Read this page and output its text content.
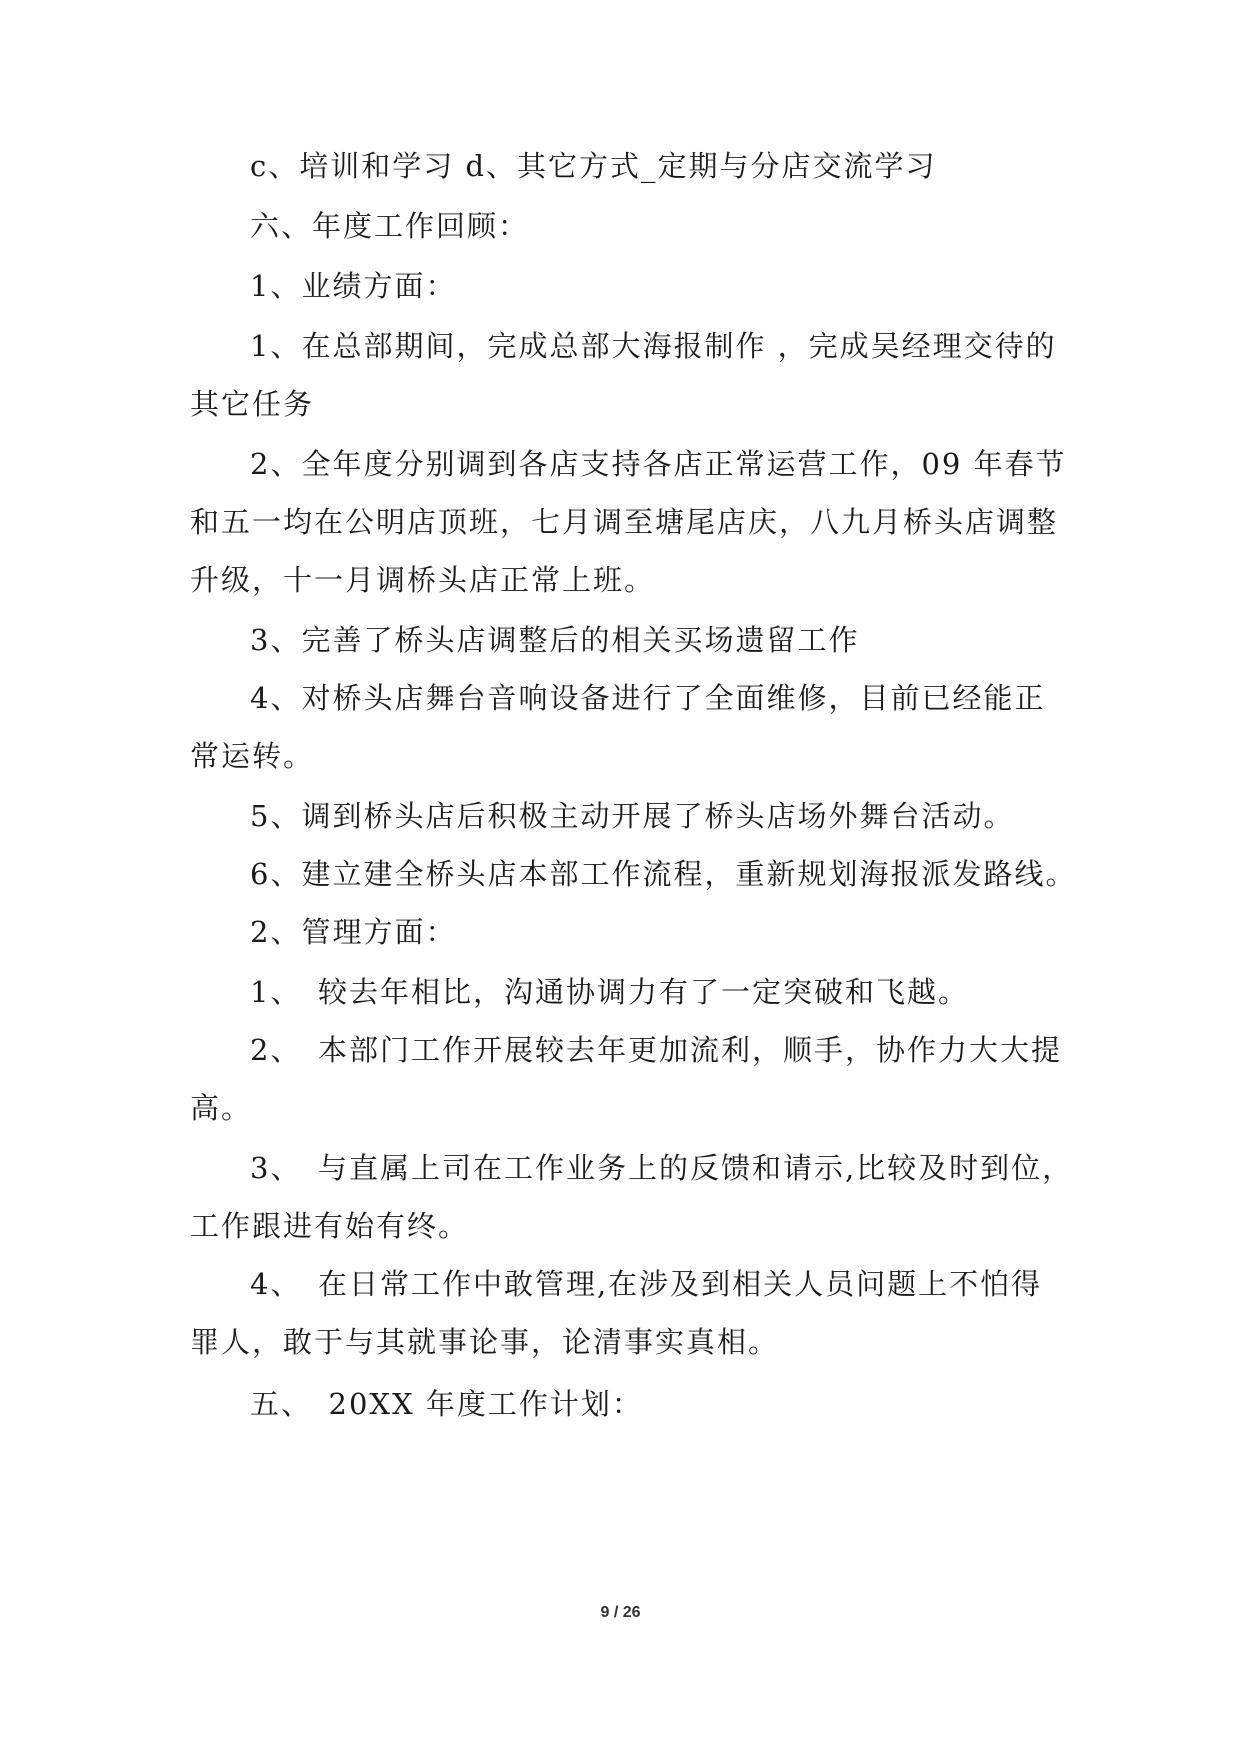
c、培训和学习 d、其它方式_定期与分店交流学习
六、年度工作回顾：
1、业绩方面：
1、在总部期间，完成总部大海报制作 ，完成吴经理交待的
其它任务
2、全年度分别调到各店支持各店正常运营工作，09 年春节
和五一均在公明店顶班，七月调至塘尾店庆，八九月桥头店调整
升级，十一月调桥头店正常上班。
3、完善了桥头店调整后的相关买场遗留工作
4、对桥头店舞台音响设备进行了全面维修，目前已经能正
常运转。
5、调到桥头店后积极主动开展了桥头店场外舞台活动。
6、建立建全桥头店本部工作流程，重新规划海报派发路线。
2、管理方面：
1、　较去年相比，沟通协调力有了一定突破和飞越。
2、　本部门工作开展较去年更加流利，顺手，协作力大大提
高。
3、　与直属上司在工作业务上的反馈和请示,比较及时到位，
工作跟进有始有终。
4、　在日常工作中敢管理,在涉及到相关人员问题上不怕得
罪人，敢于与其就事论事，论清事实真相。
五、　20XX 年度工作计划：
9 / 26
